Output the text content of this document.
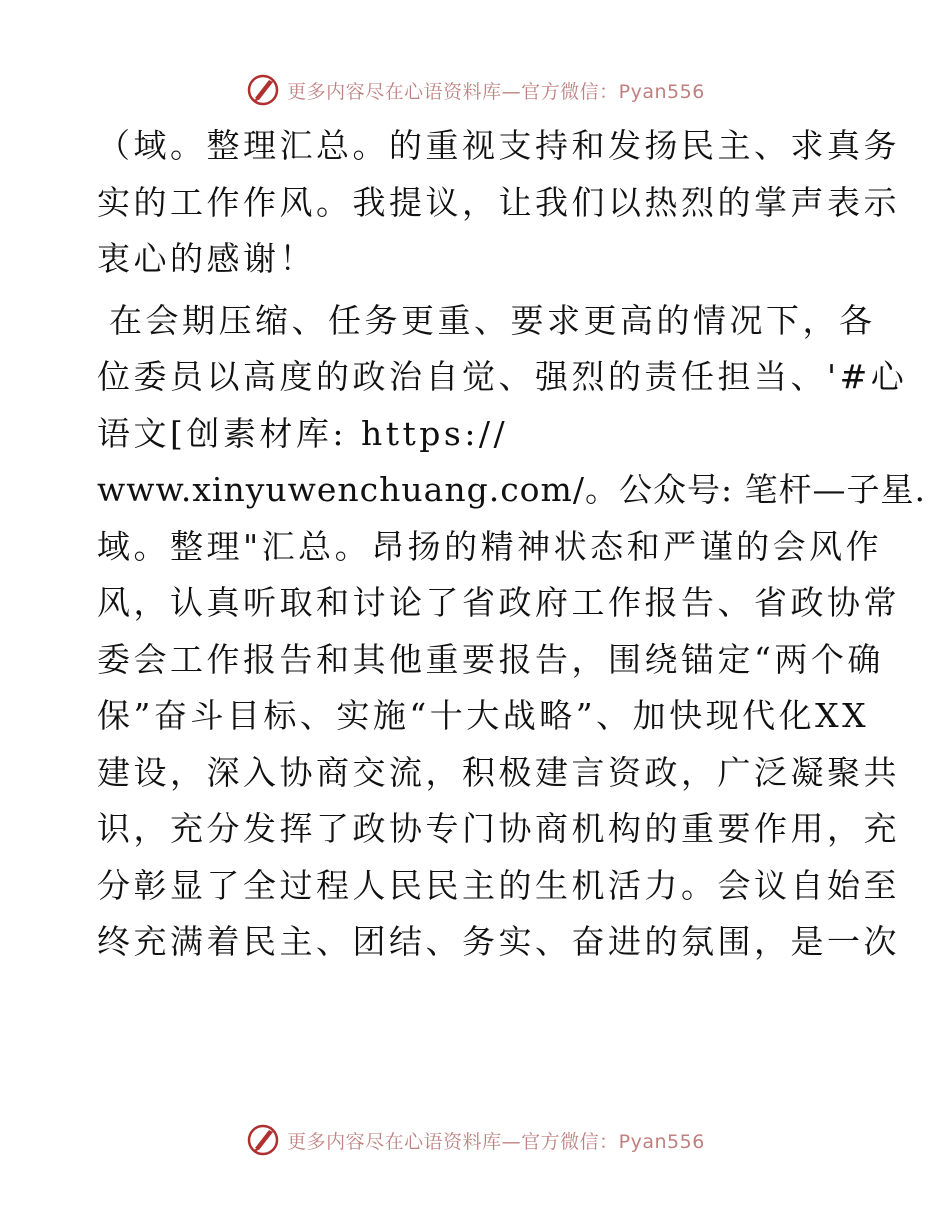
更多内容尽在心语资料库—官方微信：Pyan556
（域。整理汇总。的重视支持和发扬民主、求真务
实的工作作风。我提议，让我们以热烈的掌声表示
衷心的感谢！
在会期压缩、任务更重、要求更高的情况下，各
位委员以高度的政治自觉、强烈的责任担当、'#心
语文[创素材库: https://
www.xinyuwenchuang.com/。公众号: 笔杆—子星.
域。整理"汇总。昂扬的精神状态和严谨的会风作
风，认真听取和讨论了省政府工作报告、省政协常
委会工作报告和其他重要报告，围绕锚定“两个确
保”奋斗目标、实施“十大战略”、加快现代化XX
建设，深入协商交流，积极建言资政，广泛凝聚共
识，充分发挥了政协专门协商机构的重要作用，充
分彰显了全过程人民民主的生机活力。会议自始至
终充满着民主、团结、务实、奋进的氛围，是一次
更多内容尽在心语资料库—官方微信：Pyan556
